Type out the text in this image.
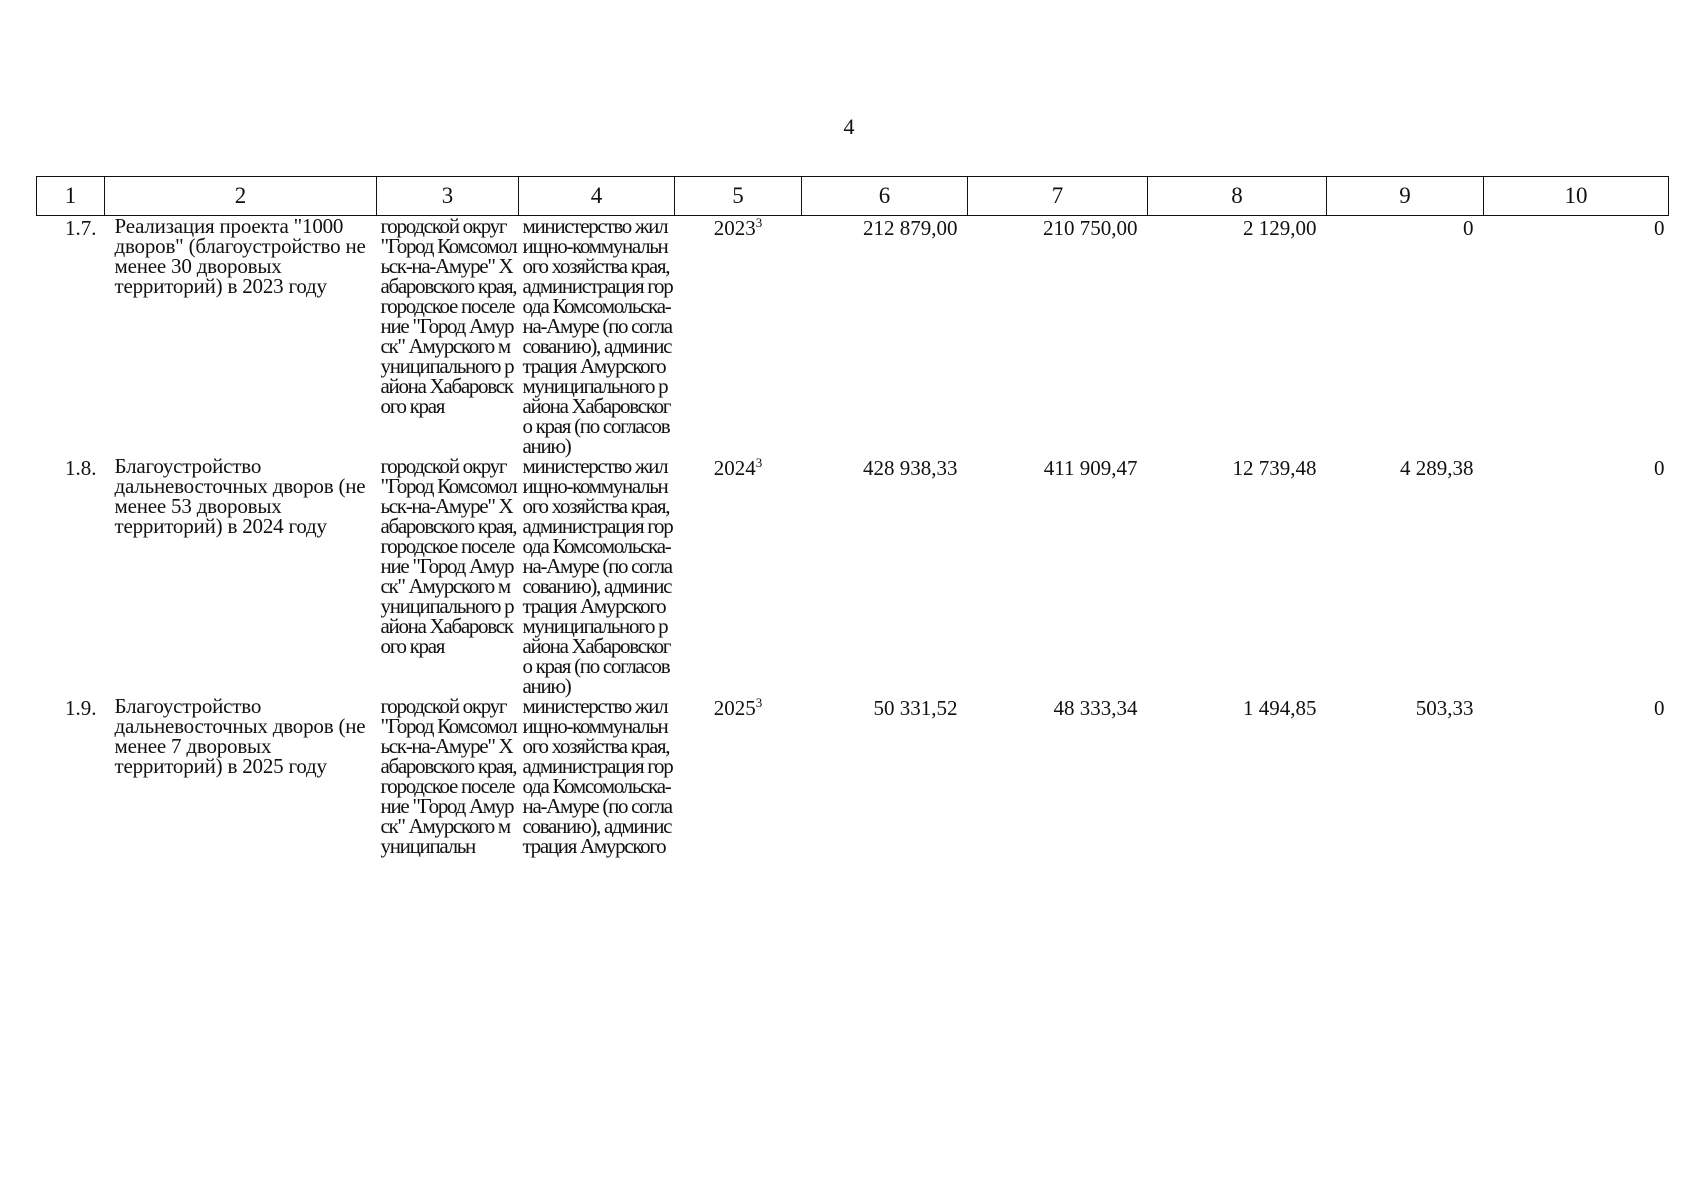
4
1	2	3	4	5	6	7	8	9	10
1.7.	Реализация проекта "1000 дворов" (благоустройство не менее 30 дворовых территорий) в 2023 году	городской округ "Город Комсомольск-на-Амуре" Хабаровского края, городское поселение "Город Амурск" Амурского муниципального района Хабаровского края	министерство жилищно-коммунального хозяйства края, администрация города Комсомольска-на-Амуре (по согласованию), администрация Амурского муниципального района Хабаровского края (по согласованию)	2023$^3$	212 879,00	210 750,00	2 129,00	0	0
1.8.	Благоустройство дальневосточных дворов (не менее 53 дворовых территорий) в 2024 году	городской округ "Город Комсомольск-на-Амуре" Хабаровского края, городское поселение "Город Амурск" Амурского муниципального района Хабаровского края	министерство жилищно-коммунального хозяйства края, администрация города Комсомольска-на-Амуре (по согласованию), администрация Амурского муниципального района Хабаровского края (по согласованию)	2024$^3$	428 938,33	411 909,47	12 739,48	4 289,38	0
1.9.	Благоустройство дальневосточных дворов (не менее 7 дворовых территорий) в 2025 году	городской округ "Город Комсомольск-на-Амуре" Хабаровского края, городское поселение "Город Амурск" Амурского муниципальн	министерство жилищно-коммунального хозяйства края, администрация города Комсомольска-на-Амуре (по согласованию), администрация Амурского	2025$^3$	50 331,52	48 333,34	1 494,85	503,33	0
